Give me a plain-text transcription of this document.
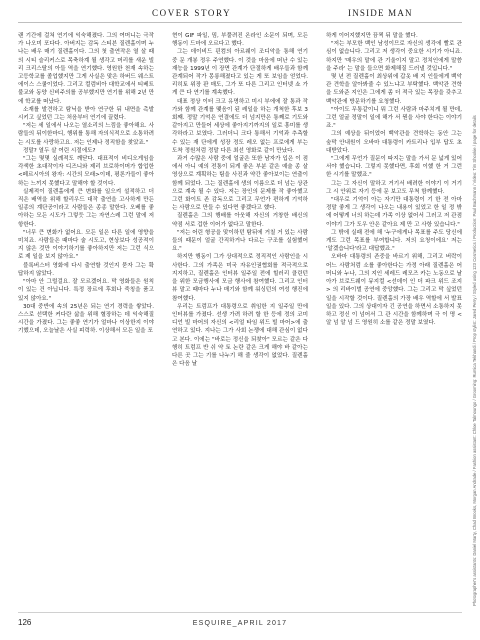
COVER STORY	INSIDE MAN

랜 기간에 걸쳐 연기에 익숙해졌다. 그의 여머니는 극작가 나오미 포다다. 아버지는 감독 스티븐 질렌홀이며 누나는 배우 매기 질렌홀이다. 그의 첫 출연작은 열 살 때의 시티 슬리커스로 목축하계 될 생각고 머리를 새운 빌리 크리스탈의 아들 역을 연기했다. 영원한 천재 속하는 고등학교를 졸업했지만 그게 사실은 맞은 하버드 웨스트에이스 스쿨이었다. 그리고 컬럼비아 대학교에서 티베트 불교와 동양 신비주의를 공부했지만 연기를 위해 2년 만에 학교를 떠났다.

소재를 발견하고 탐닉을 받아 연구한 뒤 내면을 촉발시키고 싶었던 그는 처음부터 연기에 끌렸다.

"저는 세 일에서 나오는 열소리의 느낌을 좋아해요. 사람들의 뒤이한마디, 행위를 통해 자의식적으로 소통하려는 시도를 사랑하고요. 저는 인제나 정직함을 찾았죠."

정말? 열두 살 여린 시절에도?

"그는 몇몇 실례적도 깨닫다. 대표적이 비디오게임을 각색한 초대작이자 디즈니와 제리 브로하이머가 합업한 <페르시아의 왕자: 시간의 모래>이데, 평론가들이 좋아하는 느끼지 못했다고 말해야 할 것이다.

실제적이 질렌홀에게 큰 변화를 일으켜 설적하고 더 직은 배역을 위해 할리우드 대작 출연을 고사하게 만든 일종의 계단공이라고 사람들은 종종 말한다. 오베를 좋아하는 모든 시도가 그렇듯 그는 자연스레 그런 말에 저항한다.

"너무 큰 변화가 없어요. 모든 일은 다른 일에 영향을 미치죠. 사람들은 때마다 술 시도고, 현상보다 성공적이지 않은 것만 이야기하기를 좋아하지만 저는 그런 식으로 제 일을 보지 않아요."

블록버스터 영화에 다시 출연할 것인지 묻자 그는 확답하지 않았다.

"아마 안 그럴걸요. 잘 모르겠어요. 막 영화들은 원칙이 있는 건 아닙니다. 특정 장르에 후회나 죽칭을 품고 있지 않아요."

30대 중반에 속의 25년은 되는 연기 경력을 쌓았다. 스스로 선택한 커다란 삶을 위해 혈장하는 데 익숙해질 시간을 가졌다. 그는 좋좋 연기가 얼마나 이상한지 이야기했으데, 오늘날은 사실 피력하. 이상해서 모든 일을 포

현이 GIF 파일, 밈, 부풀려진 온라인 소문이 되며, 모든 행동이 드마에 오르다고 했다.

그는 데이비드 핀컴의 아르웨이 조디악을 통해 연기 중 문 개봉 정우 주연했다. 이 것을 마음에 떠난 수 있는 재능을 1999년 이 장면 관계가 단절하게 배우들과 함께 관계되어 작가 몽롱해졌다고 있는 게 또 보임을 얻었다. 리히토 위장 판 매도, 그가 또 다른 그리고 인터넷 쇼 가 게 큰 다 연기를 계속했다.

대표 정상 이터 크고 유명하고 미시 부에에 잘 통과 작가와 함께 관계를 맺음이 된 레일을 하는 개척한 후보 3회째. 정말 기억은 연결에도 더 넘지만은 통째로 기도와 같아지고 만들어 세상에 좋아지기까지의 일로 흥미를 생각하라고 보였다. 그러더니 크다 통해서 기억과 추측할 수 있는 재 단에게 성장 정도 레오 없는 프로에게 부는 도착 정원처럼 정말 다른 최선 영화로 같이 만났다.

과거 수많은 사람 중에 얼굴은 또한 남자가 입은 이 점에서 아니 예의 전통이 되게 좋은 부분 같은 예술 종 살 영상으로 계획하는 팀을 사진과 약간 좋아보이는 연출이 함께 되었다. 그는 질렌홀에 생의 이름으로 더 넘는 상관으로 계속 될 수 있다. 저는 장인의 문제를 작 좋아했고 그런 화이트 존 감독으로 그리고 무언가 편하게 기억하는 사람으로 만들 수 있다면 좋겠다고 했다.

질렌홀은 그의 행배를 아웃해 자신의 거창한 배신의 약점 서로 겁한 이어가 없다고 말한다.

"저는 어린 형공을 맞이하던 탐뒤에 거칠 거 있는 사람들의 때문이 얼굴 간직하거나 다르는 구조를 실험했어요."

하지만 행동이 그가 상대적으로 정직적인 사람인을 시사한다. 그의 가족은 미국 자유인권협회를 적극적으로 지지하고, 질렌홀은 인터뷰 일주일 전에 힐러리 클린턴을 위한 모금행사에 모금 행사에 참여했다. 그리고 인터뷰 말고 때마다 누나 매기와 함께 워싱턴의 여성 행진에 참여했다.

우리는 트럼프가 대통령으로 취임한 지 일주일 만에 인터뷰를 가졌다. 선생 가려 하려 할 한 등에 정의 코미디언 빌 마어의 자신의 <리얼 타임 위드 빌 마어>에 출연하고 있다. 지나는 그가 사회 논쟁에 대해 관심이 없다고 본다. 이에는 "바로는 정신을 되찾아" 모르는 같은 다행히 트럼프 반 쉬 약 토 논란 같은 크게 해야 바 같아는 다른 곳 그는 기를 나누기 해 줄 생각이 없었다. 질렌홀은 다음 날

하게 이어지했지만 끔찍 뒤 말을 했다.

"저는 부모한 백인 남성이므로 자신의 생각에 빨로 관심이 없습니다. 그리고 저 생각이 중요한 시기가 아니죠. 하지만 '매우의 말에 관 기울이지 말고 정치인에게 말씀을 주라' 는 말을 들으면 화제해질 드러낼 것입니다."

몇 년 전 질렌홀이 최상위에 갑옷 배 지 인들에게 백악관 견학을 알아봐줄 수 있느냐고 부탁했다. 백악관 견학을 도와준 지인은 그에게 좀 더 적극 있는 목장을 갖추고 백악관에 방문하기를 요청했다.

"아이도 무통같이니 뭐 그런 사람과 마주치게 될 만데, 그런 얼굴 정말이 일에 해가 서 뭔을 사야 한다는 이야기죠."

그의 예상을 뒤이었어 백악관을 견학하는 동안 그는 숲막 안내원이 오바마 대통령이 카트리나 입부 답도 초대받았다.

"그에게 무언가 질문이 따지는 말을 가서 문 넓게 있어서야 했습니다. 그렇지 못했다면, 후회 이했 한 거 그런 한 시기를 말했죠."

그는 그 자신이 말하고 거기서 배려한 이야기 이 거기 그 시 안위로 자기 등에 문 보고도 무척 함께했다.

"대우로 기억이 아는 자기만 대통령이 기 한 전 아마 정말 좋게 그 생각이 나오는 내용이 있었고 한 일 정 밖에 어떻게 너의 하는데 가족 이상 없어서 그러고 저 관점 이야기 그가 도우 안은 같아요 제 만 고 사항 있습니다."

그 밖에 실패 전에 해 '누구에게나 목표를 주도 당신에게도 그런 목표를 부여합니다. 저의 요청이에요' 저는 '알겠습니다'라고 대답했죠."

오바마 대통령의 존중을 바르기 위해, 그리고 버락이 어느 사람처럼 소를 좋아한다는 가정 아래 질렌홀은 어머니와 누나, 그의 지인 세레드 레모즈 카는 노동으로 날아가 브로드웨이 뮤지컬 <선데이 인 더 파크 위드 조지> 의 리바이벌 공연에 중앙했다. 그는 그리고 막 싶었던 일을 시작할 것이다. 질렌홀의 가장 배우 역할에 서 발표 일을 있다. 그의 상대이자 긴 공연을 하면서 소통하지 못하고 정신 이 넘어서 그 관 시간을 함께하며 극 이 명 <알 넘 알 넘 드 영원히 소를 같은 정말 보였다.	Photographer's assistants: Daniel Marty, Chad Brooks, Morgan Andrade / Fashion assistant: Chloe Talmoungo / Grooming: Rumica Tekhandi / Prop stylist: Jared Perry / Styled using 123 Cosmetics / Production: Paul Bachmann / Video: Tim Shookie / page for details
126	ESQUIRE_APRIL 2017
